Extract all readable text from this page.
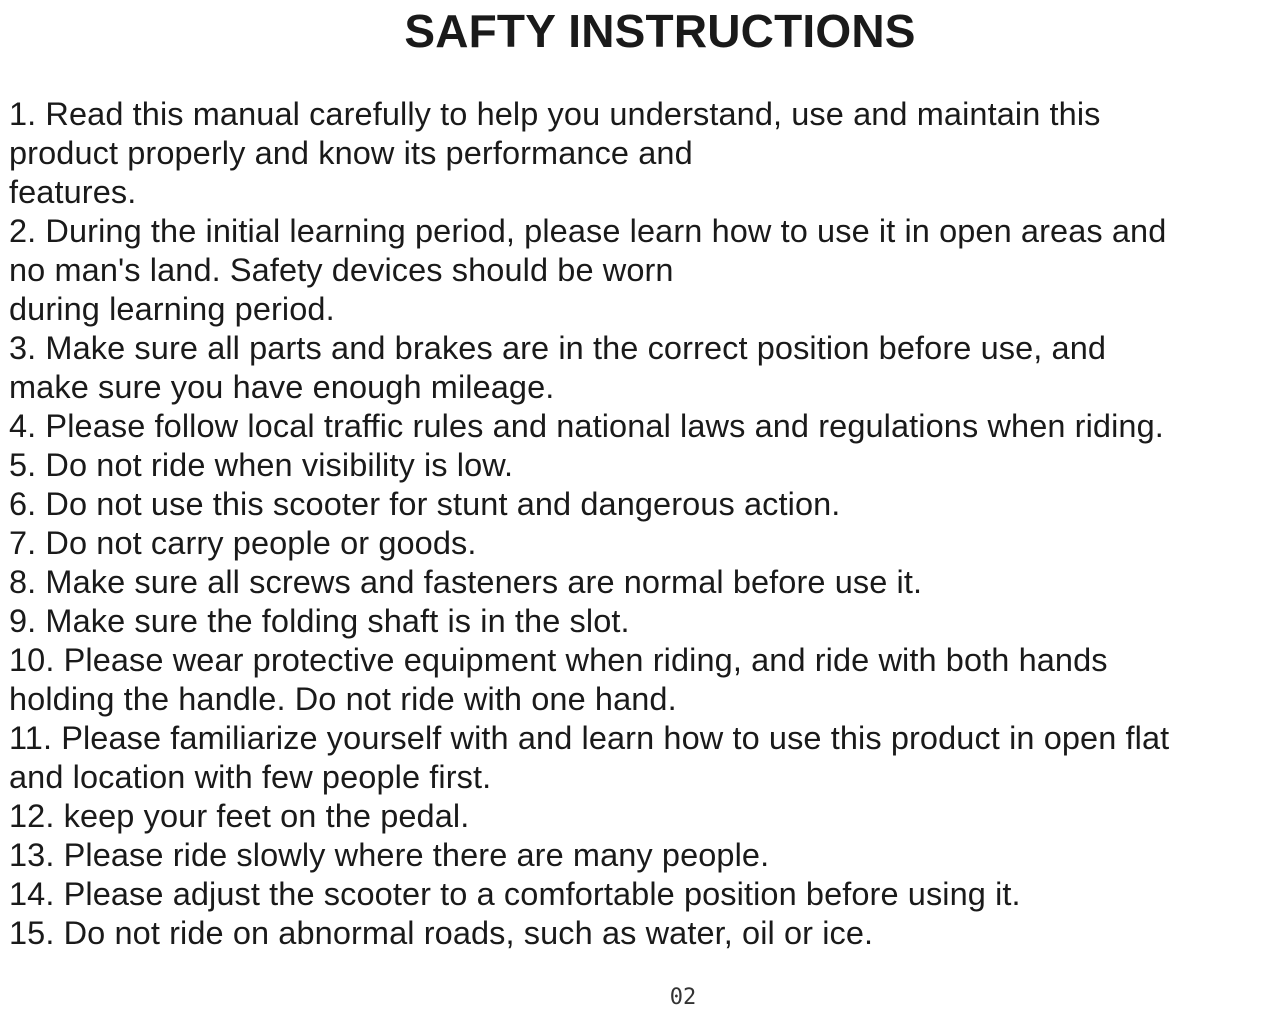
SAFTY INSTRUCTIONS
1. Read this manual carefully to help you understand, use and maintain this
product properly and know its performance and
features.
2. During the initial learning period, please learn how to use it in open areas and
no man's land. Safety devices should be worn
during learning period.
3. Make sure all parts and brakes are in the correct position before use, and
make sure you have enough mileage.
4. Please follow local traffic rules and national laws and regulations when riding.
5. Do not ride when visibility is low.
6. Do not use this scooter for stunt and dangerous action.
7. Do not carry people or goods.
8. Make sure all screws and fasteners are normal before use it.
9. Make sure the folding shaft is in the slot.
10. Please wear protective equipment when riding, and ride with both hands
holding the handle. Do not ride with one hand.
11. Please familiarize yourself with and learn how to use this product in open flat
and location with few people first.
12. keep your feet on the pedal.
13. Please ride slowly where there are many people.
14. Please adjust the scooter to a comfortable position before using it.
15. Do not ride on abnormal roads, such as water, oil or ice.
02
